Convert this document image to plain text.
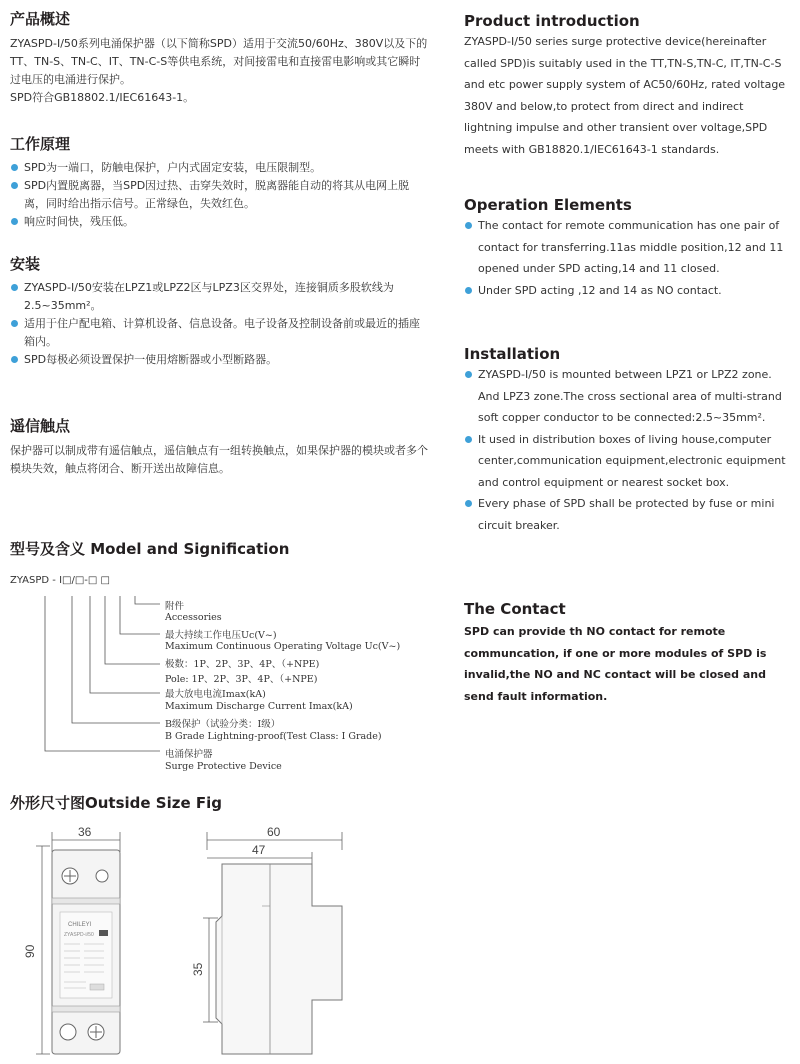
产品概述
ZYASPD-Ⅰ/50系列电涌保护器（以下简称SPD）适用于交流50/60Hz、380V以及下的TT、TN-S、TN-C、IT、TN-C-S等供电系统，对间接雷电和直接雷电影响或其它瞬时过电压的电涌进行保护。
SPD符合GB18802.1/IEC61643-1。
工作原理
SPD为一端口，防触电保护，户内式固定安装，电压限制型。
SPD内置脱离器，当SPD因过热、击穿失效时，脱离器能自动的将其从电网上脱离，同时给出指示信号。正常绿色，失效红色。
响应时间快，残压低。
安装
ZYASPD-Ⅰ/50安装在LPZ1或LPZ2区与LPZ3区交界处，连接铜质多股软线为2.5~35mm²。
适用于住户配电箱、计算机设备、信息设备。电子设备及控制设备前或最近的插座箱内。
SPD每极必须设置保护一使用熔断器或小型断路器。
遥信触点
保护器可以制成带有遥信触点，遥信触点有一组转换触点，如果保护器的模块或者多个模块失效，触点将闭合、断开送出故障信息。
Product introduction
ZYASPD-Ⅰ/50 series surge protective device(hereinafter called SPD)is suitably used in the TT,TN-S,TN-C, IT,TN-C-S and etc power supply system of AC50/60Hz, rated voltage 380V and below,to protect from direct and indirect lightning impulse and other transient over voltage,SPD meets with GB18820.1/IEC61643-1 standards.
Operation Elements
The contact for remote communication has one pair of contact for transferring.11as middle position,12 and 11 opened under SPD acting,14 and 11 closed.
Under SPD acting ,12 and 14 as NO contact.
Installation
ZYASPD-Ⅰ/50 is mounted between LPZ1 or LPZ2 zone. And LPZ3 zone.The cross sectional area of multi-strand soft copper conductor to be connected:2.5~35mm².
It used in distribution boxes of living house,computer center,communication equipment,electronic equipment and control equipment or nearest socket box.
Every phase of SPD shall be protected by fuse or mini circuit breaker.
The Contact
SPD can provide th NO contact for remote communcation, if one or more modules of SPD is invalid,the NO and NC contact will be closed and send fault information.
型号及含义 Model and Signification
ZYASPD - Ⅰ□/□-□ □
附件
Accessories
最大持续工作电压Uc(V~)
Maximum Continuous Operating Voltage Uc(V~)
极数：1P、2P、3P、4P、（+NPE)
Pole: 1P、2P、3P、4P、（+NPE)
最大放电电流Imax(kA)
Maximum Discharge Current Imax(kA)
B级保护（试验分类：Ⅰ级）
B Grade Lightning-proof(Test Class: Ⅰ Grade)
电涌保护器
Surge Protective Device
外形尺寸图Outside Size Fig
36
90
CHILEYI
ZYASPD-Ⅰ/50
60
47
35
